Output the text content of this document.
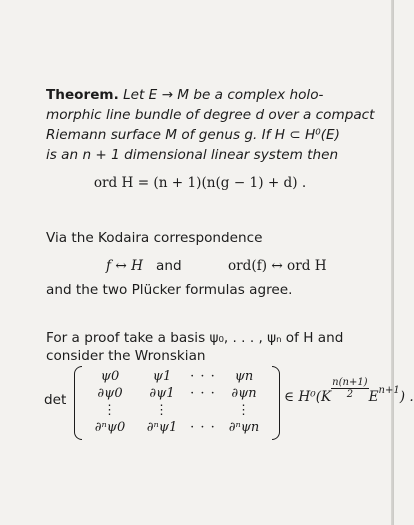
Theorem. Let E → M be a complex holo-
morphic line bundle of degree d over a compact
Riemann surface M of genus g. If H ⊂ H⁰(E)
is an n + 1 dimensional linear system then
ord H = (n + 1)(n(g − 1) + d) .
Via the Kodaira correspondence
f ↔ H and	ord(f) ↔ ord H
and the two Plücker formulas agree.
For a proof take a basis ψ₀, . . . , ψₙ of H and
consider the Wronskian
det
ψ0	ψ1	· · ·	ψn
∂ψ0	∂ψ1	· · ·	∂ψn
⋮	⋮	⋮
∂ⁿψ0	∂ⁿψ1 · · · ∂ⁿψn
∈ $H^0(K \frac{n(n+1)}{2} E^{n+1})$ .
